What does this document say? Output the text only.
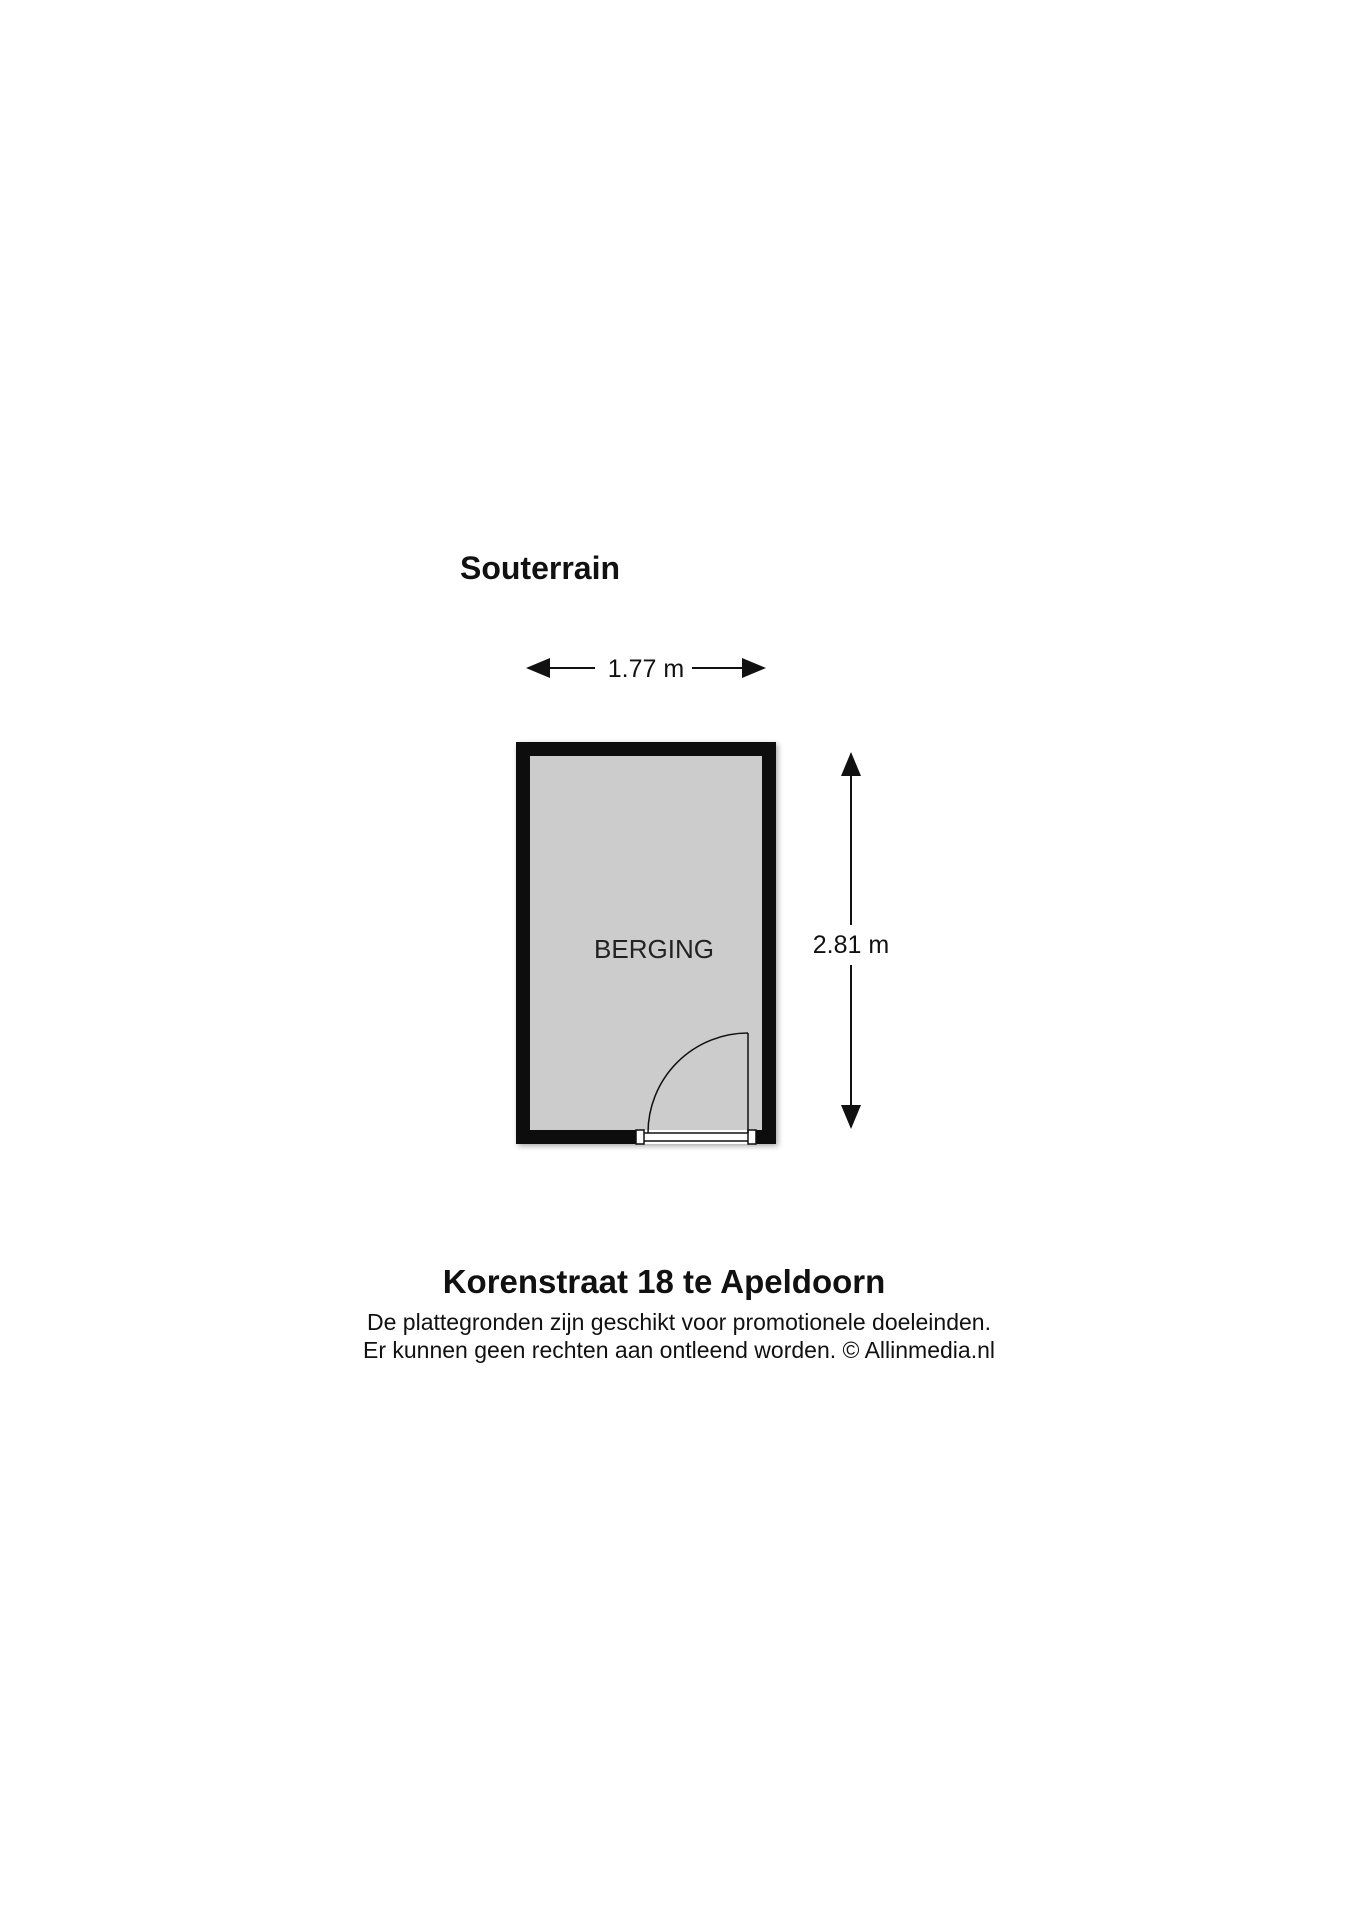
Souterrain
1.77 m
2.81 m
BERGING
Korenstraat 18 te Apeldoorn
De plattegronden zijn geschikt voor promotionele doeleinden.
Er kunnen geen rechten aan ontleend worden. © Allinmedia.nl
